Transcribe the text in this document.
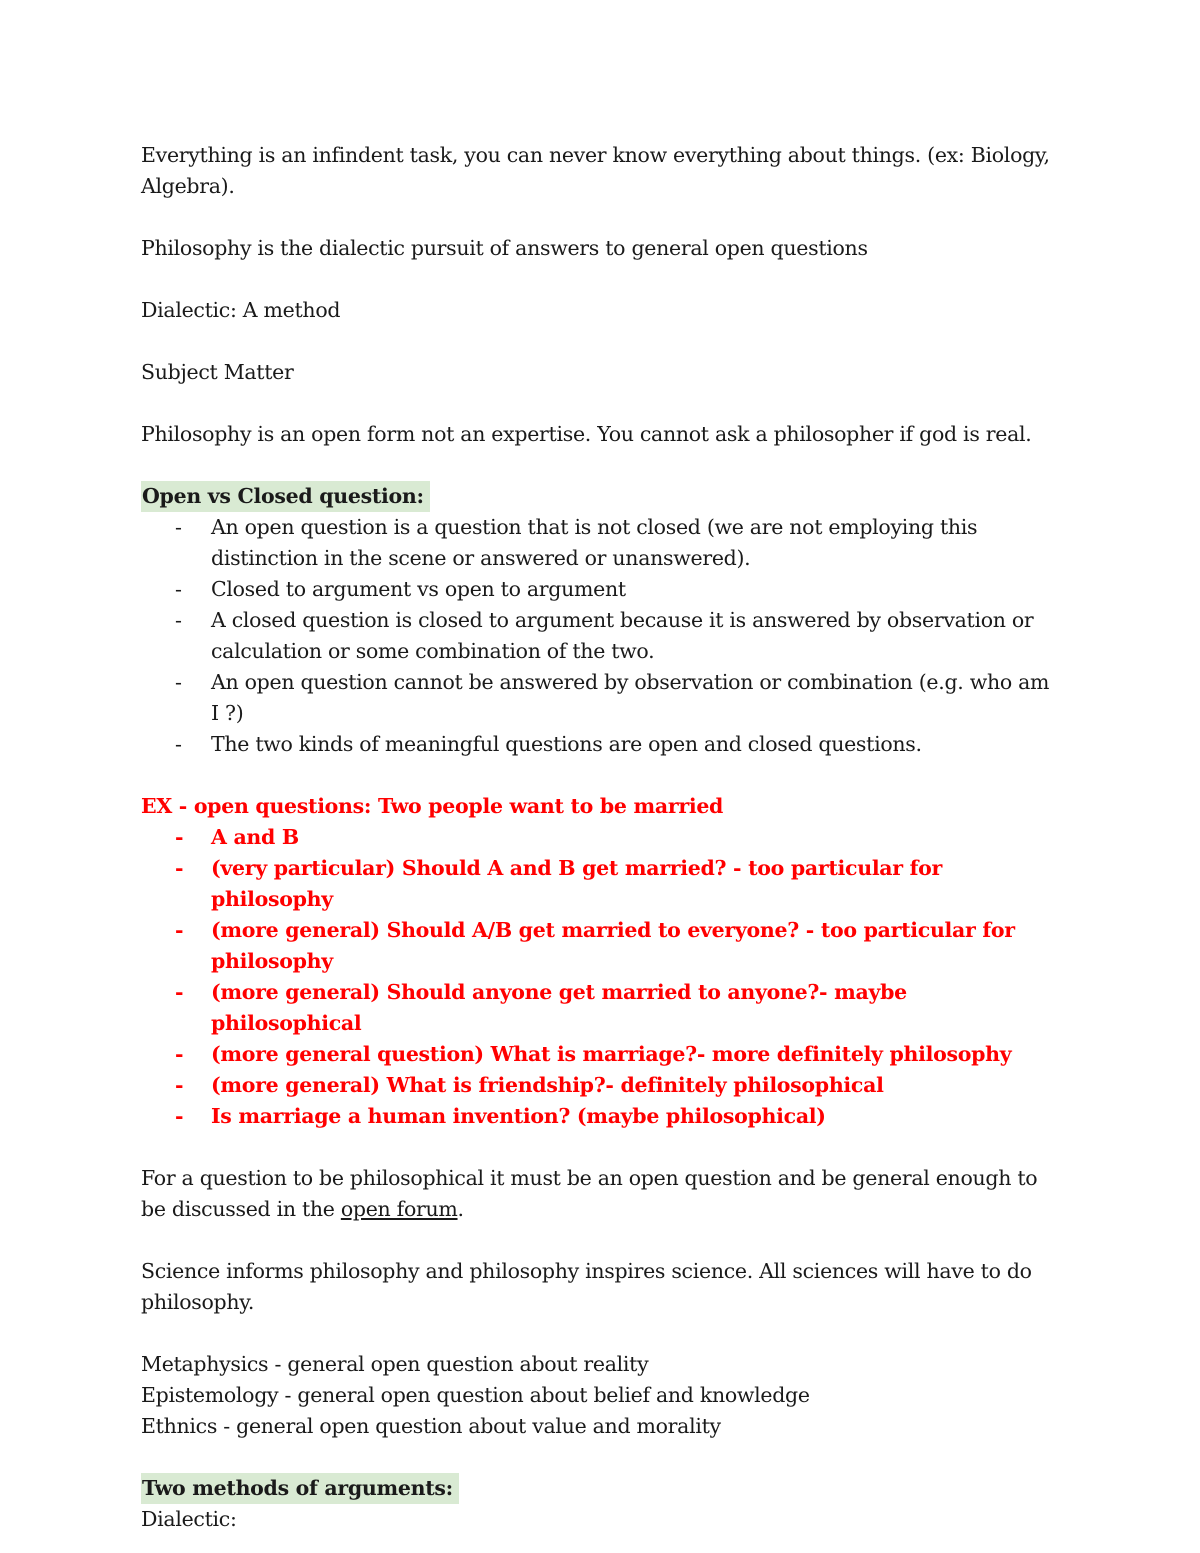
Everything is an infindent task, you can never know everything about things. (ex: Biology, Algebra).

Philosophy is the dialectic pursuit of answers to general open questions

Dialectic: A method

Subject Matter

Philosophy is an open form not an expertise. You cannot ask a philosopher if god is real.

Open vs Closed question:
- An open question is a question that is not closed (we are not employing this distinction in the scene or answered or unanswered).
- Closed to argument vs open to argument
- A closed question is closed to argument because it is answered by observation or calculation or some combination of the two.
- An open question cannot be answered by observation or combination (e.g. who am I ?)
- The two kinds of meaningful questions are open and closed questions.
EX - open questions: Two people want to be married
- A and B
- (very particular) Should A and B get married? - too particular for philosophy
- (more general) Should A/B get married to everyone? - too particular for philosophy
- (more general) Should anyone get married to anyone?- maybe philosophical
- (more general question) What is marriage?- more definitely philosophy
- (more general) What is friendship?- definitely philosophical
- Is marriage a human invention? (maybe philosophical)

For a question to be philosophical it must be an open question and be general enough to be discussed in the open forum.

Science informs philosophy and philosophy inspires science. All sciences will have to do philosophy.

Metaphysics - general open question about reality
Epistemology - general open question about belief and knowledge
Ethnics - general open question about value and morality
Two methods of arguments:
Dialectic:
